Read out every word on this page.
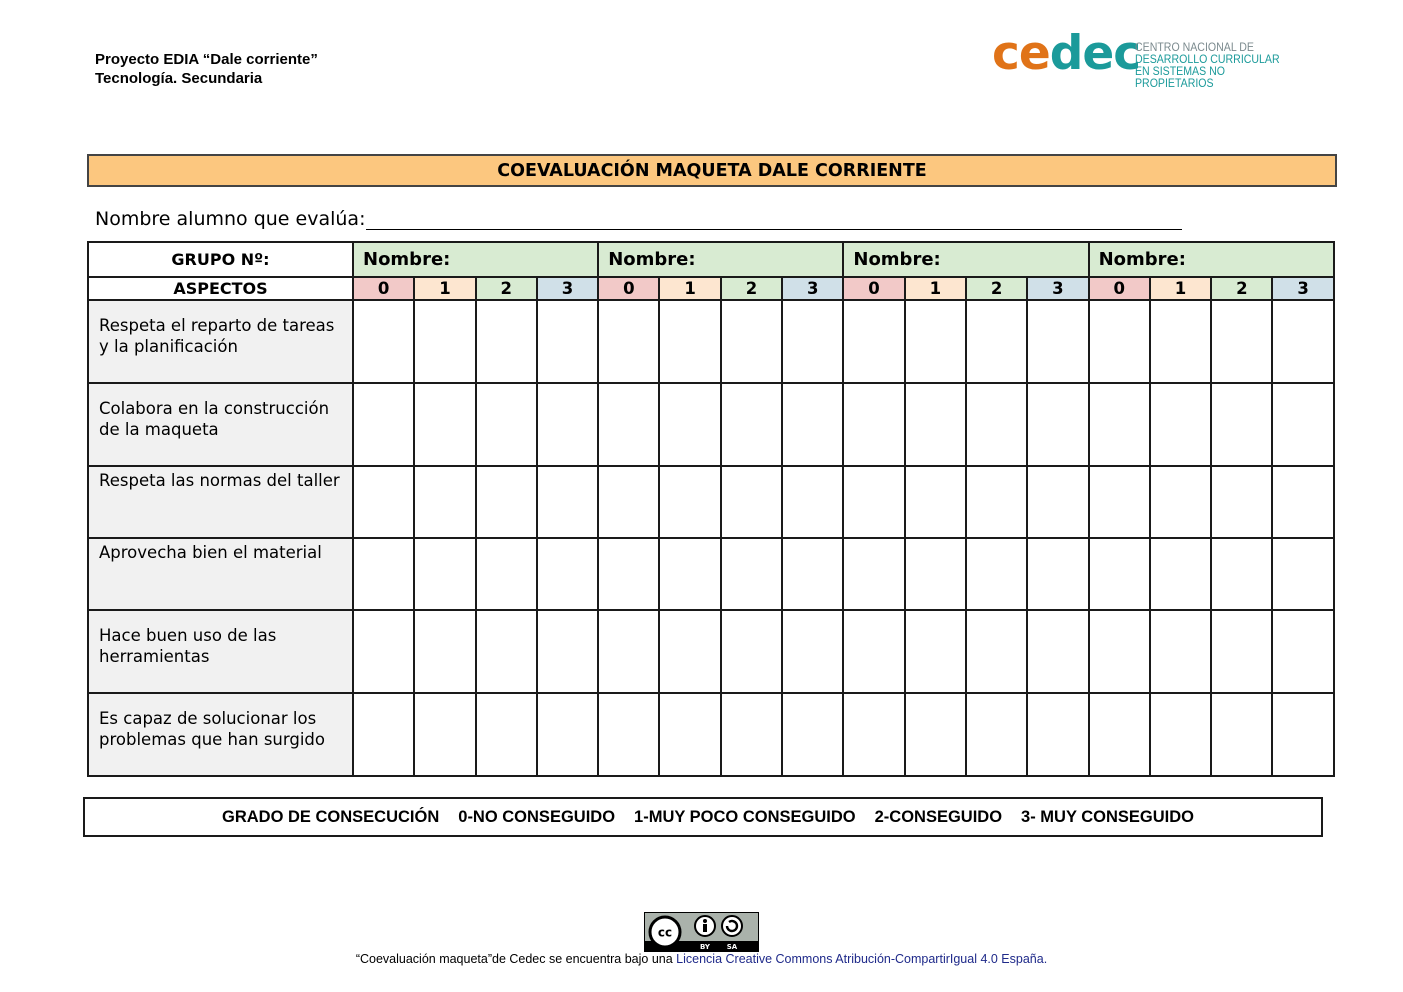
Proyecto EDIA “Dale corriente”
Tecnología. Secundaria	cedec
CENTRO NACIONAL DE
DESARROLLO CURRICULAR
EN SISTEMAS NO PROPIETARIOS
COEVALUACIÓN MAQUETA DALE CORRIENTE
Nombre alumno que evalúa:
GRUPO Nº:	Nombre:				Nombre:				Nombre:				Nombre:			
ASPECTOS	0	1	2	3	0	1	2	3	0	1	2	3	0	1	2	3
Respeta el reparto de tareas y la planificación																
Colabora en la construcción de la maqueta																
Respeta las normas del taller																
Aprovecha bien el material																
Hace buen uso de las herramientas																
Es capaz de solucionar los problemas que han surgido																
GRADO DE CONSECUCIÓN 0-NO CONSEGUIDO 1-MUY POCO CONSEGUIDO 2-CONSEGUIDO 3- MUY CONSEGUIDO
cc
BY SA
“Coevaluación maqueta”de Cedec se encuentra bajo una Licencia Creative Commons Atribución-CompartirIgual 4.0 España.
